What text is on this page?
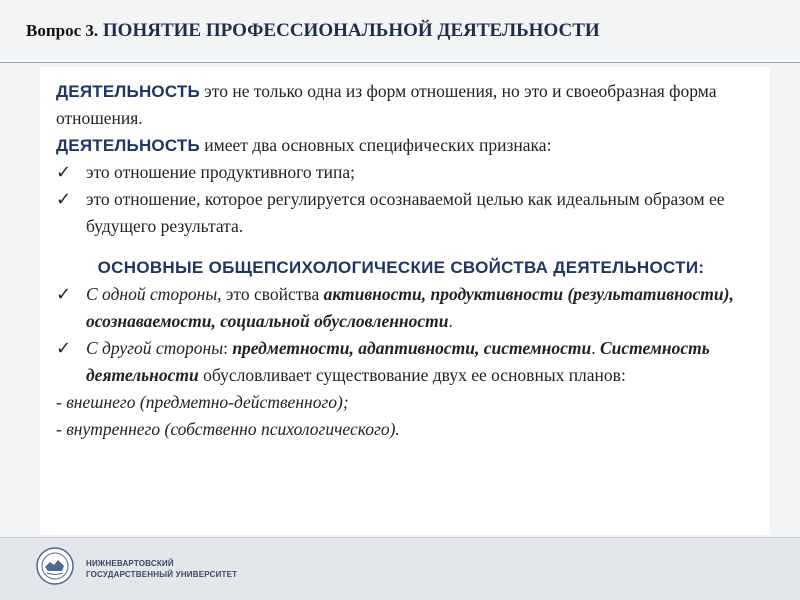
Вопрос 3. ПОНЯТИЕ ПРОФЕССИОНАЛЬНОЙ ДЕЯТЕЛЬНОСТИ

ДЕЯТЕЛЬНОСТЬ это не только одна из форм отношения, но это и своеобразная форма отношения.

ДЕЯТЕЛЬНОСТЬ имеет два основных специфических признака:

✓ это отношение продуктивного типа;
✓ это отношение, которое регулируется осознаваемой целью как идеальным образом ее будущего результата.
ОСНОВНЫЕ ОБЩЕПСИХОЛОГИЧЕСКИЕ СВОЙСТВА ДЕЯТЕЛЬНОСТИ:
✓ С одной стороны, это свойства активности, продуктивности (результативности), осознаваемости, социальной обусловленности.
✓ С другой стороны: предметности, адаптивности, системности. Системность деятельности обусловливает существование двух ее основных планов:
- внешнего (предметно-действенного);
- внутреннего (собственно психологического).
НИЖНЕВАРТОВСКИЙ
ГОСУДАРСТВЕННЫЙ УНИВЕРСИТЕТ
